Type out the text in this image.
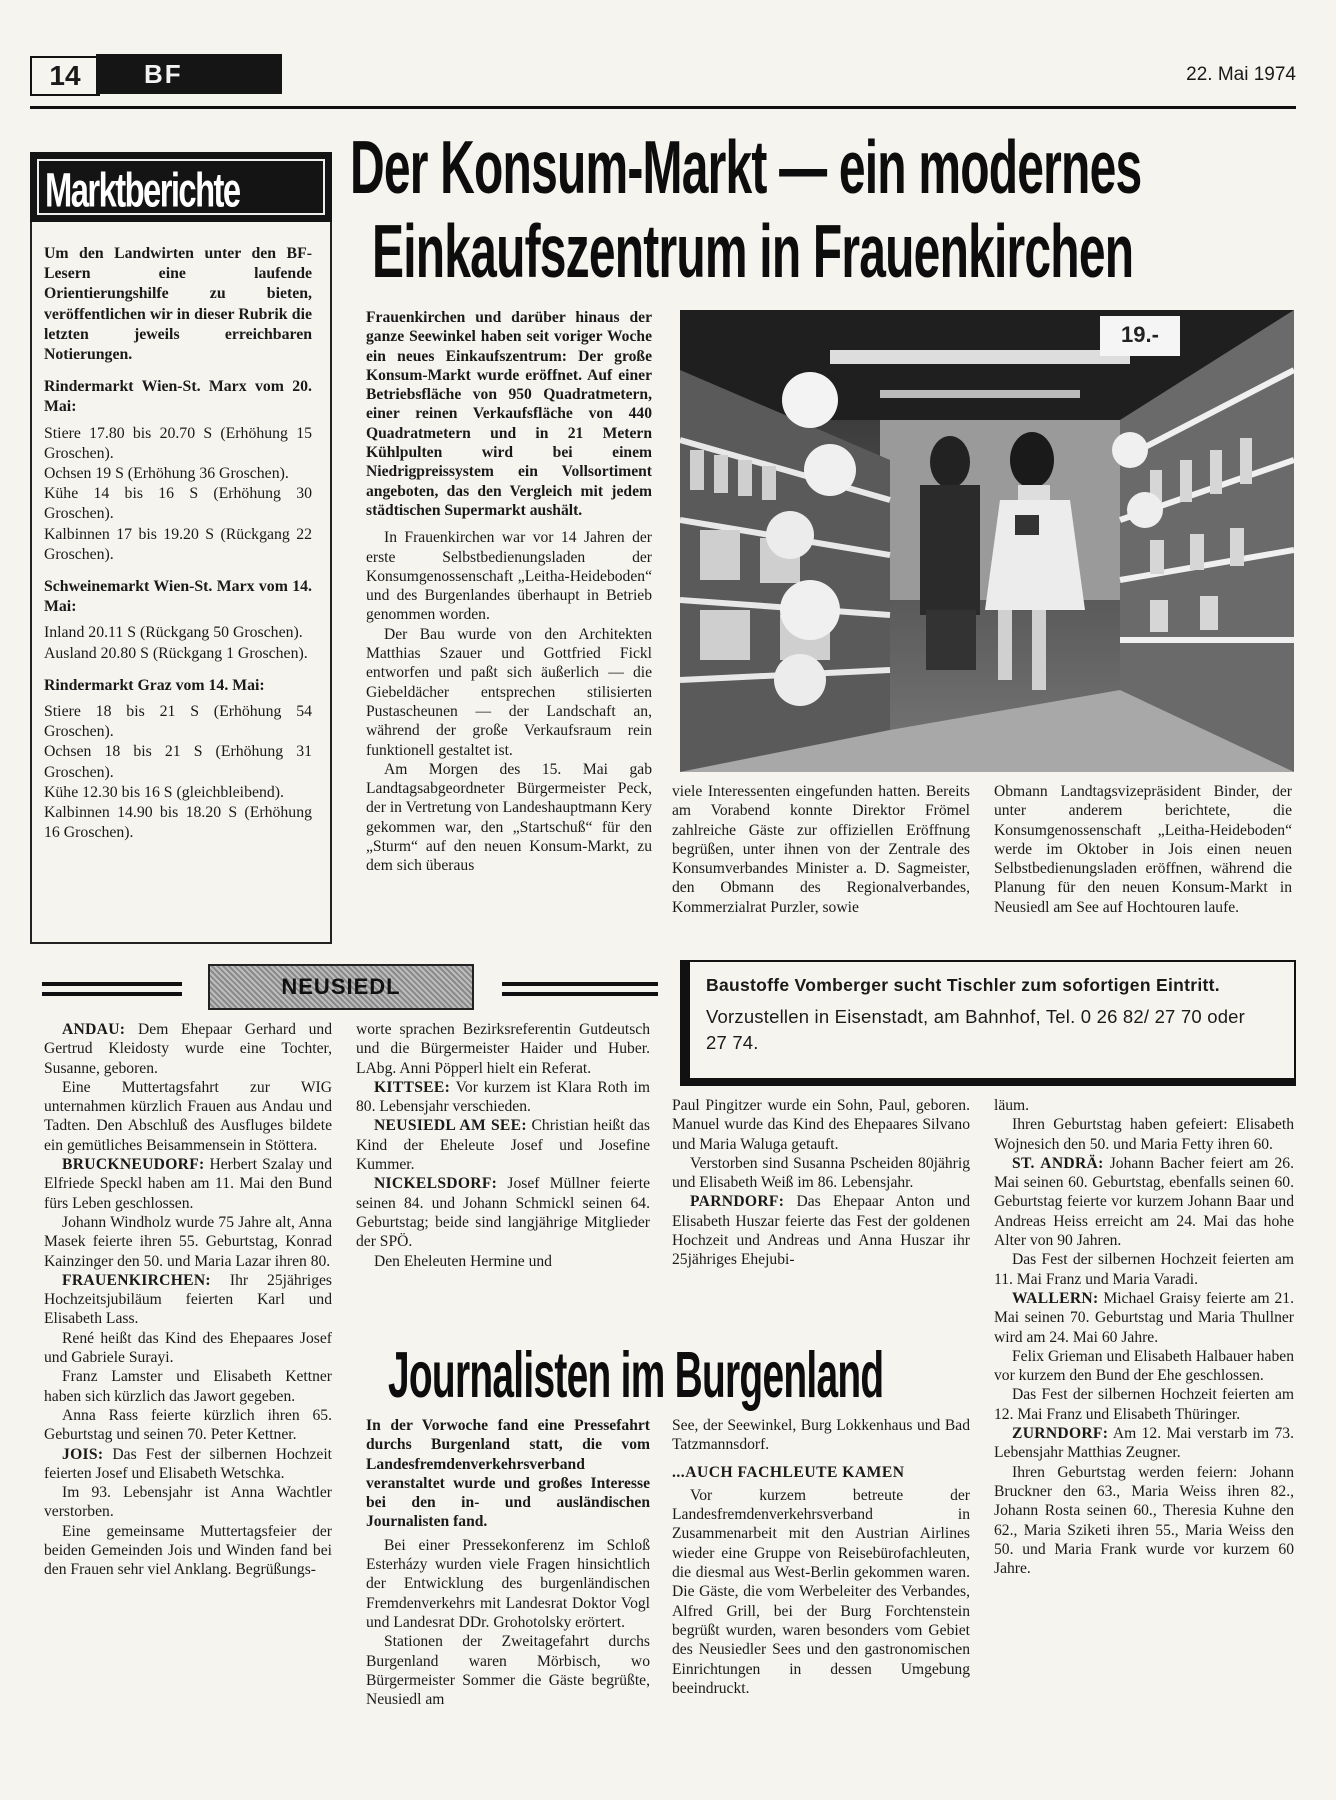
14	BF	22. Mai 1974
Marktberichte

Um den Landwirten unter den BF-Lesern eine laufende Orientierungshilfe zu bieten, veröffentlichen wir in dieser Rubrik die letzten jeweils erreichbaren Notierungen.

Rindermarkt Wien-St. Marx vom 20. Mai:

Stiere 17.80 bis 20.70 S (Erhöhung 15 Groschen).

Ochsen 19 S (Erhöhung 36 Groschen).

Kühe 14 bis 16 S (Erhöhung 30 Groschen).

Kalbinnen 17 bis 19.20 S (Rückgang 22 Groschen).

Schweinemarkt Wien-St. Marx vom 14. Mai:

Inland 20.11 S (Rückgang 50 Groschen).

Ausland 20.80 S (Rückgang 1 Groschen).

Rindermarkt Graz vom 14. Mai:

Stiere 18 bis 21 S (Erhöhung 54 Groschen).

Ochsen 18 bis 21 S (Erhöhung 31 Groschen).

Kühe 12.30 bis 16 S (gleichbleibend).

Kalbinnen 14.90 bis 18.20 S (Erhöhung 16 Groschen).

Der Konsum-Markt — ein modernes
Einkaufszentrum in Frauenkirchen

Frauenkirchen und darüber hinaus der ganze Seewinkel haben seit voriger Woche ein neues Einkaufszentrum: Der große Konsum-Markt wurde eröffnet. Auf einer Betriebsfläche von 950 Quadratmetern, einer reinen Verkaufsfläche von 440 Quadratmetern und in 21 Metern Kühlpulten wird bei einem Niedrigpreissystem ein Vollsortiment angeboten, das den Vergleich mit jedem städtischen Supermarkt aushält.

In Frauenkirchen war vor 14 Jahren der erste Selbstbedienungsladen der Konsumgenossenschaft „Leitha-Heideboden“ und des Burgenlandes überhaupt in Betrieb genommen worden.

Der Bau wurde von den Architekten Matthias Szauer und Gottfried Fickl entworfen und paßt sich äußerlich — die Giebeldächer entsprechen stilisierten Pustascheunen — der Landschaft an, während der große Verkaufsraum rein funktionell gestaltet ist.

Am Morgen des 15. Mai gab Landtagsabgeordneter Bürgermeister Peck, der in Vertretung von Landeshauptmann Kery gekommen war, den „Startschuß“ für den „Sturm“ auf den neuen Konsum-Markt, zu dem sich überaus

19.-

viele Interessenten eingefunden hatten. Bereits am Vorabend konnte Direktor Frömel zahlreiche Gäste zur offiziellen Eröffnung begrüßen, unter ihnen von der Zentrale des Konsumverbandes Minister a. D. Sagmeister, den Obmann des Regionalverbandes, Kommerzialrat Purzler, sowie

Obmann Landtagsvizepräsident Binder, der unter anderem berichtete, die Konsumgenossenschaft „Leitha-Heideboden“ werde im Oktober in Jois einen neuen Selbstbedienungsladen eröffnen, während die Planung für den neuen Konsum-Markt in Neusiedl am See auf Hochtouren laufe.

NEUSIEDL	Baustoffe Vomberger sucht Tischler zum sofortigen Eintritt.

Vorzustellen in Eisenstadt, am Bahnhof, Tel. 0 26 82/ 27 70 oder 27 74.

ANDAU: Dem Ehepaar Gerhard und Gertrud Kleidosty wurde eine Tochter, Susanne, geboren.

Eine Muttertagsfahrt zur WIG unternahmen kürzlich Frauen aus Andau und Tadten. Den Abschluß des Ausfluges bildete ein gemütliches Beisammensein in Stöttera.

BRUCKNEUDORF: Herbert Szalay und Elfriede Speckl haben am 11. Mai den Bund fürs Leben geschlossen.

Johann Windholz wurde 75 Jahre alt, Anna Masek feierte ihren 55. Geburtstag, Konrad Kainzinger den 50. und Maria Lazar ihren 80.

FRAUENKIRCHEN: Ihr 25jähriges Hochzeitsjubiläum feierten Karl und Elisabeth Lass.

René heißt das Kind des Ehepaares Josef und Gabriele Surayi.

Franz Lamster und Elisabeth Kettner haben sich kürzlich das Jawort gegeben.

Anna Rass feierte kürzlich ihren 65. Geburtstag und seinen 70. Peter Kettner.

JOIS: Das Fest der silbernen Hochzeit feierten Josef und Elisabeth Wetschka.

Im 93. Lebensjahr ist Anna Wachtler verstorben.

Eine gemeinsame Muttertagsfeier der beiden Gemeinden Jois und Winden fand bei den Frauen sehr viel Anklang. Begrüßungs-

worte sprachen Bezirksreferentin Gutdeutsch und die Bürgermeister Haider und Huber. LAbg. Anni Pöpperl hielt ein Referat.

KITTSEE: Vor kurzem ist Klara Roth im 80. Lebensjahr verschieden.

NEUSIEDL AM SEE: Christian heißt das Kind der Eheleute Josef und Josefine Kummer.

NICKELSDORF: Josef Müllner feierte seinen 84. und Johann Schmickl seinen 64. Geburtstag; beide sind langjährige Mitglieder der SPÖ.

Den Eheleuten Hermine und

Paul Pingitzer wurde ein Sohn, Paul, geboren. Manuel wurde das Kind des Ehepaares Silvano und Maria Waluga getauft.

Verstorben sind Susanna Pscheiden 80jährig und Elisabeth Weiß im 86. Lebensjahr.

PARNDORF: Das Ehepaar Anton und Elisabeth Huszar feierte das Fest der goldenen Hochzeit und Andreas und Anna Huszar ihr 25jähriges Ehejubi-

läum.

Ihren Geburtstag haben gefeiert: Elisabeth Wojnesich den 50. und Maria Fetty ihren 60.

ST. ANDRÄ: Johann Bacher feiert am 26. Mai seinen 60. Geburtstag, ebenfalls seinen 60. Geburtstag feierte vor kurzem Johann Baar und Andreas Heiss erreicht am 24. Mai das hohe Alter von 90 Jahren.

Das Fest der silbernen Hochzeit feierten am 11. Mai Franz und Maria Varadi.

WALLERN: Michael Graisy feierte am 21. Mai seinen 70. Geburtstag und Maria Thullner wird am 24. Mai 60 Jahre.

Felix Grieman und Elisabeth Halbauer haben vor kurzem den Bund der Ehe geschlossen.

Das Fest der silbernen Hochzeit feierten am 12. Mai Franz und Elisabeth Thüringer.

ZURNDORF: Am 12. Mai verstarb im 73. Lebensjahr Matthias Zeugner.

Ihren Geburtstag werden feiern: Johann Bruckner den 63., Maria Weiss ihren 82., Johann Rosta seinen 60., Theresia Kuhne den 62., Maria Sziketi ihren 55., Maria Weiss den 50. und Maria Frank wurde vor kurzem 60 Jahre.

Journalisten im Burgenland

In der Vorwoche fand eine Pressefahrt durchs Burgenland statt, die vom Landesfremdenverkehrsverband veranstaltet wurde und großes Interesse bei den in- und ausländischen Journalisten fand.

Bei einer Pressekonferenz im Schloß Esterházy wurden viele Fragen hinsichtlich der Entwicklung des burgenländischen Fremdenverkehrs mit Landesrat Doktor Vogl und Landesrat DDr. Grohotolsky erörtert.

Stationen der Zweitagefahrt durchs Burgenland waren Mörbisch, wo Bürgermeister Sommer die Gäste begrüßte, Neusiedl am

See, der Seewinkel, Burg Lokkenhaus und Bad Tatzmannsdorf.

...AUCH FACHLEUTE KAMEN

Vor kurzem betreute der Landesfremdenverkehrsverband in Zusammenarbeit mit den Austrian Airlines wieder eine Gruppe von Reisebürofachleuten, die diesmal aus West-Berlin gekommen waren. Die Gäste, die vom Werbeleiter des Verbandes, Alfred Grill, bei der Burg Forchtenstein begrüßt wurden, waren besonders vom Gebiet des Neusiedler Sees und den gastronomischen Einrichtungen in dessen Umgebung beeindruckt.
